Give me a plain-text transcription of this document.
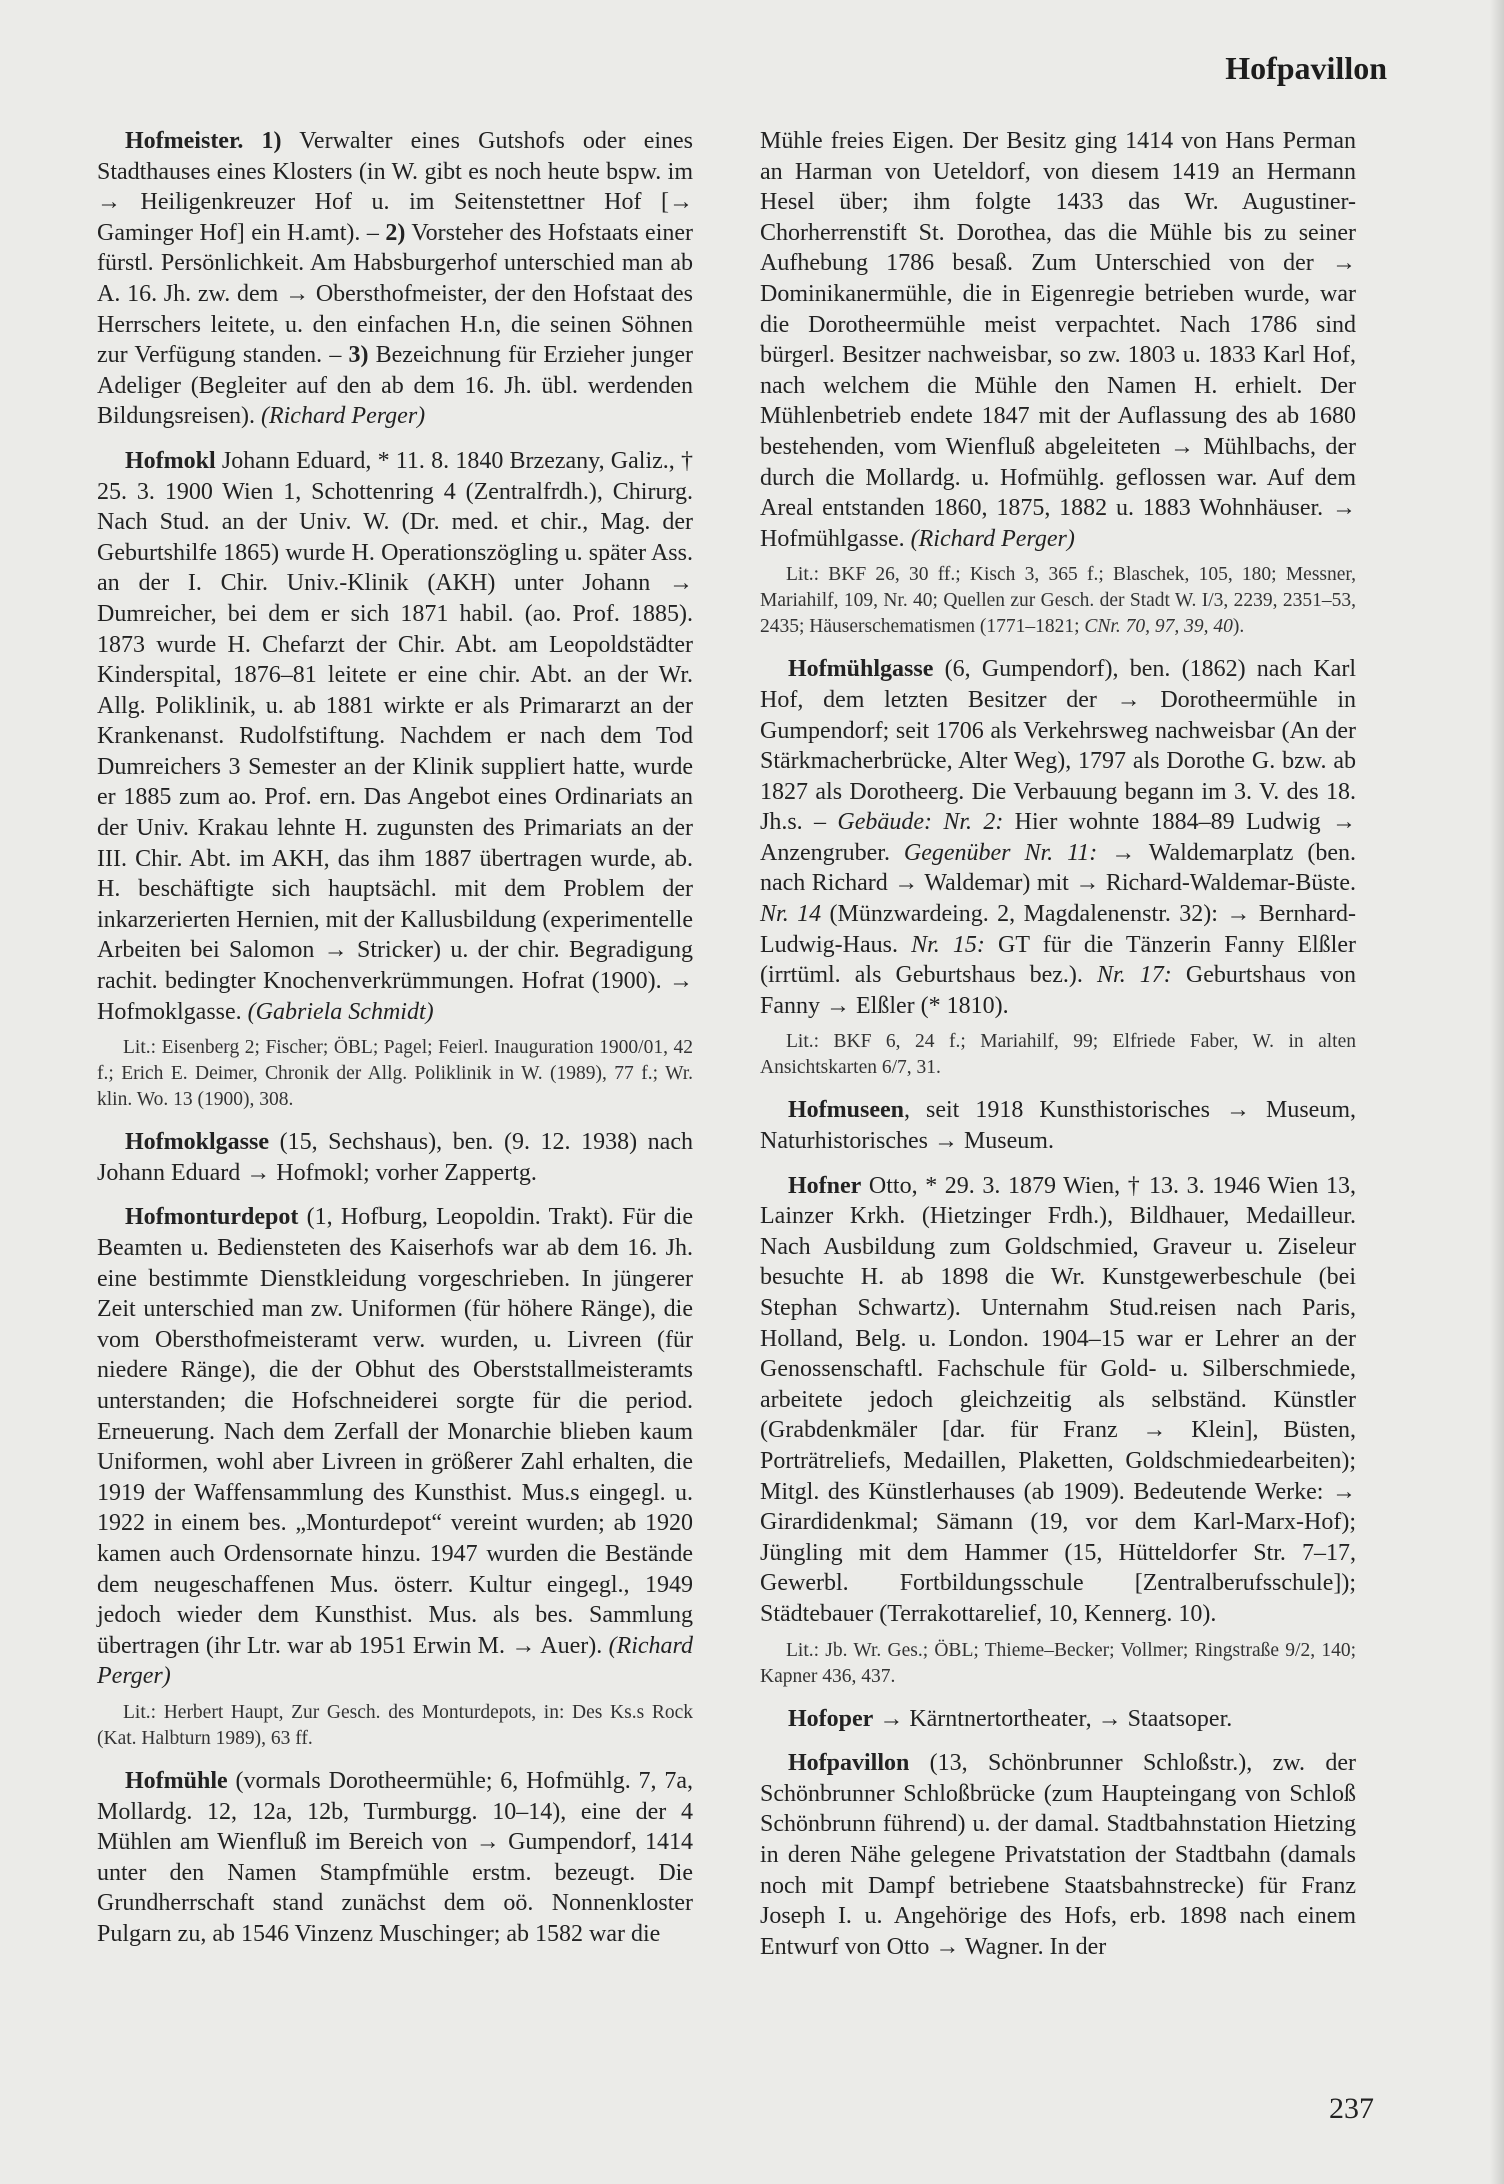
Hofpavillon

Hofmeister. 1) Verwalter eines Gutshofs oder eines Stadthauses eines Klosters (in W. gibt es noch heute bspw. im → Heiligenkreuzer Hof u. im Seitenstettner Hof [→ Gaminger Hof] ein H.amt). – 2) Vorsteher des Hofstaats einer fürstl. Persönlichkeit. Am Habsburgerhof unterschied man ab A. 16. Jh. zw. dem → Obersthofmeister, der den Hofstaat des Herrschers leitete, u. den einfachen H.n, die seinen Söhnen zur Verfügung standen. – 3) Bezeichnung für Erzieher junger Adeliger (Begleiter auf den ab dem 16. Jh. übl. werdenden Bildungsreisen). (Richard Perger)

Hofmokl Johann Eduard, * 11. 8. 1840 Brzezany, Galiz., † 25. 3. 1900 Wien 1, Schottenring 4 (Zentralfrdh.), Chirurg. Nach Stud. an der Univ. W. (Dr. med. et chir., Mag. der Geburtshilfe 1865) wurde H. Operationszögling u. später Ass. an der I. Chir. Univ.-Klinik (AKH) unter Johann → Dumreicher, bei dem er sich 1871 habil. (ao. Prof. 1885). 1873 wurde H. Chefarzt der Chir. Abt. am Leopoldstädter Kinderspital, 1876–81 leitete er eine chir. Abt. an der Wr. Allg. Poliklinik, u. ab 1881 wirkte er als Primararzt an der Krankenanst. Rudolfstiftung. Nachdem er nach dem Tod Dumreichers 3 Semester an der Klinik suppliert hatte, wurde er 1885 zum ao. Prof. ern. Das Angebot eines Ordinariats an der Univ. Krakau lehnte H. zugunsten des Primariats an der III. Chir. Abt. im AKH, das ihm 1887 übertragen wurde, ab. H. beschäftigte sich hauptsächl. mit dem Problem der inkarzerierten Hernien, mit der Kallusbildung (experimentelle Arbeiten bei Salomon → Stricker) u. der chir. Begradigung rachit. bedingter Knochenverkrümmungen. Hofrat (1900). → Hofmoklgasse. (Gabriela Schmidt)

Lit.: Eisenberg 2; Fischer; ÖBL; Pagel; Feierl. Inauguration 1900/01, 42 f.; Erich E. Deimer, Chronik der Allg. Poliklinik in W. (1989), 77 f.; Wr. klin. Wo. 13 (1900), 308.

Hofmoklgasse (15, Sechshaus), ben. (9. 12. 1938) nach Johann Eduard → Hofmokl; vorher Zappertg.

Hofmonturdepot (1, Hofburg, Leopoldin. Trakt). Für die Beamten u. Bediensteten des Kaiserhofs war ab dem 16. Jh. eine bestimmte Dienstkleidung vorgeschrieben. In jüngerer Zeit unterschied man zw. Uniformen (für höhere Ränge), die vom Obersthofmeisteramt verw. wurden, u. Livreen (für niedere Ränge), die der Obhut des Oberststallmeisteramts unterstanden; die Hofschneiderei sorgte für die period. Erneuerung. Nach dem Zerfall der Monarchie blieben kaum Uniformen, wohl aber Livreen in größerer Zahl erhalten, die 1919 der Waffensammlung des Kunsthist. Mus.s eingegl. u. 1922 in einem bes. „Monturdepot“ vereint wurden; ab 1920 kamen auch Ordensornate hinzu. 1947 wurden die Bestände dem neugeschaffenen Mus. österr. Kultur eingegl., 1949 jedoch wieder dem Kunsthist. Mus. als bes. Sammlung übertragen (ihr Ltr. war ab 1951 Erwin M. → Auer). (Richard Perger)

Lit.: Herbert Haupt, Zur Gesch. des Monturdepots, in: Des Ks.s Rock (Kat. Halbturn 1989), 63 ff.

Hofmühle (vormals Dorotheermühle; 6, Hofmühlg. 7, 7a, Mollardg. 12, 12a, 12b, Turmburgg. 10–14), eine der 4 Mühlen am Wienfluß im Bereich von → Gumpendorf, 1414 unter den Namen Stampfmühle erstm. bezeugt. Die Grundherrschaft stand zunächst dem oö. Nonnenkloster Pulgarn zu, ab 1546 Vinzenz Muschinger; ab 1582 war die

Mühle freies Eigen. Der Besitz ging 1414 von Hans Perman an Harman von Ueteldorf, von diesem 1419 an Hermann Hesel über; ihm folgte 1433 das Wr. Augustiner-Chorherrenstift St. Dorothea, das die Mühle bis zu seiner Aufhebung 1786 besaß. Zum Unterschied von der → Dominikanermühle, die in Eigenregie betrieben wurde, war die Dorotheermühle meist verpachtet. Nach 1786 sind bürgerl. Besitzer nachweisbar, so zw. 1803 u. 1833 Karl Hof, nach welchem die Mühle den Namen H. erhielt. Der Mühlenbetrieb endete 1847 mit der Auflassung des ab 1680 bestehenden, vom Wienfluß abgeleiteten → Mühlbachs, der durch die Mollardg. u. Hofmühlg. geflossen war. Auf dem Areal entstanden 1860, 1875, 1882 u. 1883 Wohnhäuser. → Hofmühlgasse. (Richard Perger)

Lit.: BKF 26, 30 ff.; Kisch 3, 365 f.; Blaschek, 105, 180; Messner, Mariahilf, 109, Nr. 40; Quellen zur Gesch. der Stadt W. I/3, 2239, 2351–53, 2435; Häuserschematismen (1771–1821; CNr. 70, 97, 39, 40).

Hofmühlgasse (6, Gumpendorf), ben. (1862) nach Karl Hof, dem letzten Besitzer der → Dorotheermühle in Gumpendorf; seit 1706 als Verkehrsweg nachweisbar (An der Stärkmacherbrücke, Alter Weg), 1797 als Dorothe G. bzw. ab 1827 als Dorotheerg. Die Verbauung begann im 3. V. des 18. Jh.s. – Gebäude: Nr. 2: Hier wohnte 1884–89 Ludwig → Anzengruber. Gegenüber Nr. 11: → Waldemarplatz (ben. nach Richard → Waldemar) mit → Richard-Waldemar-Büste. Nr. 14 (Münzwardeing. 2, Magdalenenstr. 32): → Bernhard-Ludwig-Haus. Nr. 15: GT für die Tänzerin Fanny Elßler (irrtüml. als Geburtshaus bez.). Nr. 17: Geburtshaus von Fanny → Elßler (* 1810).

Lit.: BKF 6, 24 f.; Mariahilf, 99; Elfriede Faber, W. in alten Ansichtskarten 6/7, 31.

Hofmuseen, seit 1918 Kunsthistorisches → Museum, Naturhistorisches → Museum.

Hofner Otto, * 29. 3. 1879 Wien, † 13. 3. 1946 Wien 13, Lainzer Krkh. (Hietzinger Frdh.), Bildhauer, Medailleur. Nach Ausbildung zum Goldschmied, Graveur u. Ziseleur besuchte H. ab 1898 die Wr. Kunstgewerbeschule (bei Stephan Schwartz). Unternahm Stud.reisen nach Paris, Holland, Belg. u. London. 1904–15 war er Lehrer an der Genossenschaftl. Fachschule für Gold- u. Silberschmiede, arbeitete jedoch gleichzeitig als selbständ. Künstler (Grabdenkmäler [dar. für Franz → Klein], Büsten, Porträtreliefs, Medaillen, Plaketten, Goldschmiedearbeiten); Mitgl. des Künstlerhauses (ab 1909). Bedeutende Werke: → Girardidenkmal; Sämann (19, vor dem Karl-Marx-Hof); Jüngling mit dem Hammer (15, Hütteldorfer Str. 7–17, Gewerbl. Fortbildungsschule [Zentralberufsschule]); Städtebauer (Terrakottarelief, 10, Kennerg. 10).

Lit.: Jb. Wr. Ges.; ÖBL; Thieme–Becker; Vollmer; Ringstraße 9/2, 140; Kapner 436, 437.

Hofoper → Kärntnertortheater, → Staatsoper.

Hofpavillon (13, Schönbrunner Schloßstr.), zw. der Schönbrunner Schloßbrücke (zum Haupteingang von Schloß Schönbrunn führend) u. der damal. Stadtbahnstation Hietzing in deren Nähe gelegene Privatstation der Stadtbahn (damals noch mit Dampf betriebene Staatsbahnstrecke) für Franz Joseph I. u. Angehörige des Hofs, erb. 1898 nach einem Entwurf von Otto → Wagner. In der

237
